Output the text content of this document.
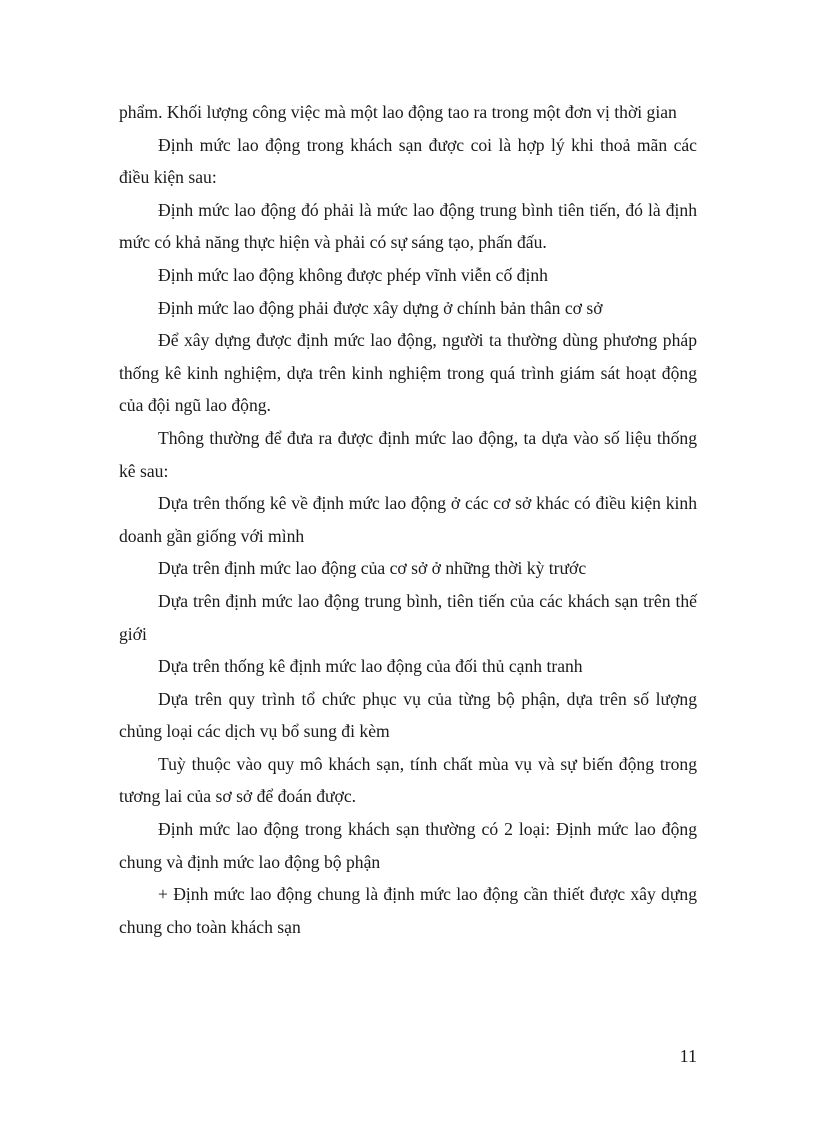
phẩm. Khối lượng công việc mà một lao động tao ra trong một đơn vị thời gian

Định mức lao động trong khách sạn được coi là hợp lý khi thoả mãn các điều kiện sau:

Định mức lao động đó phải là mức lao động trung bình tiên tiến, đó là định mức có khả năng thực hiện và phải có sự sáng tạo, phấn đấu.

Định mức lao động không được phép vĩnh viễn cố định

Định mức lao động phải được xây dựng ở chính bản thân cơ sở

Để xây dựng được định mức lao động, người ta thường dùng phương pháp thống kê kinh nghiệm, dựa trên kinh nghiệm trong quá trình giám sát hoạt động của đội ngũ lao động.

Thông thường để đưa ra được định mức lao động, ta dựa vào số liệu thống kê sau:

Dựa trên thống kê về định mức lao động ở các cơ sở khác có điều kiện kinh doanh gần giống với mình

Dựa trên định mức lao động của cơ sở ở những thời kỳ trước

Dựa trên định mức lao động trung bình, tiên tiến của các khách sạn trên thế giới

Dựa trên thống kê định mức lao động của đối thủ cạnh tranh

Dựa trên quy trình tổ chức phục vụ của từng bộ phận, dựa trên số lượng chủng loại các dịch vụ bổ sung đi kèm

Tuỳ thuộc vào quy mô khách sạn, tính chất mùa vụ và sự biến động trong tương lai của sơ sở để đoán được.

Định mức lao động trong khách sạn thường có 2 loại: Định mức lao động chung và định mức lao động bộ phận

+ Định mức lao động chung là định mức lao động cần thiết được xây dựng chung cho toàn khách sạn

11
